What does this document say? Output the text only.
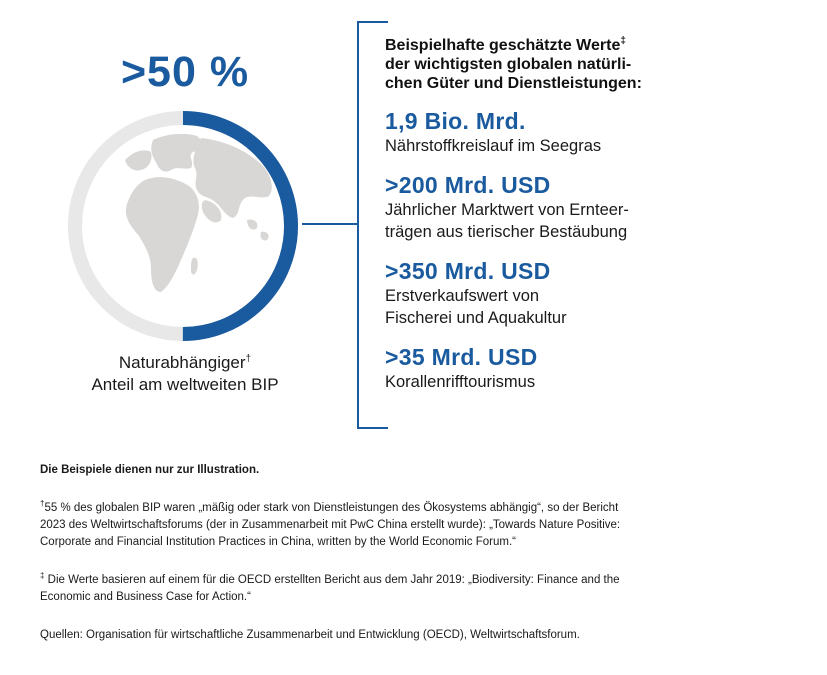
>50 %
Naturabhängiger†
Anteil am weltweiten BIP
Beispielhafte geschätzte Werte‡
der wichtigsten globalen natürli-
chen Güter und Dienstleistungen:
1,9 Bio. Mrd.
Nährstoffkreislauf im Seegras
>200 Mrd. USD
Jährlicher Marktwert von Ernteer-
trägen aus tierischer Bestäubung
>350 Mrd. USD
Erstverkaufswert von
Fischerei und Aquakultur
>35 Mrd. USD
Korallenrifftourismus
Die Beispiele dienen nur zur Illustration.
†55 % des globalen BIP waren „mäßig oder stark von Dienstleistungen des Ökosystems abhängig“, so der Bericht
2023 des Weltwirtschaftsforums (der in Zusammenarbeit mit PwC China erstellt wurde): „Towards Nature Positive:
Corporate and Financial Institution Practices in China, written by the World Economic Forum.“
‡ Die Werte basieren auf einem für die OECD erstellten Bericht aus dem Jahr 2019: „Biodiversity: Finance and the
Economic and Business Case for Action.“
Quellen: Organisation für wirtschaftliche Zusammenarbeit und Entwicklung (OECD), Weltwirtschaftsforum.
